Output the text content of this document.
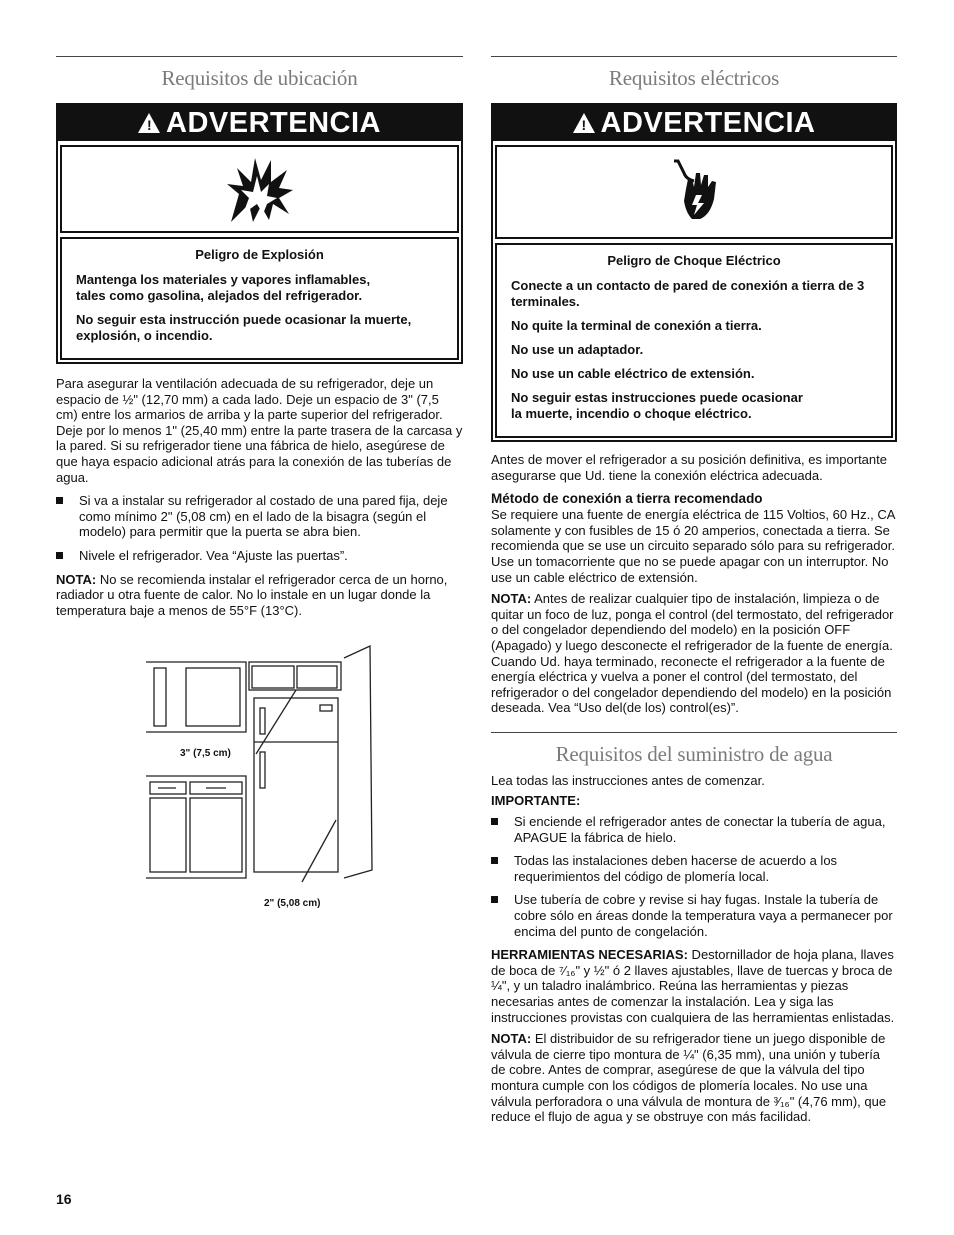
Requisitos de ubicación
! ADVERTENCIA
Peligro de Explosión

Mantenga los materiales y vapores inflamables, tales como gasolina, alejados del refrigerador.

No seguir esta instrucción puede ocasionar la muerte, explosión, o incendio.

Para asegurar la ventilación adecuada de su refrigerador, deje un espacio de ½" (12,70 mm) a cada lado. Deje un espacio de 3" (7,5 cm) entre los armarios de arriba y la parte superior del refrigerador. Deje por lo menos 1" (25,40 mm) entre la parte trasera de la carcasa y la pared. Si su refrigerador tiene una fábrica de hielo, asegúrese de que haya espacio adicional atrás para la conexión de las tuberías de agua.

Si va a instalar su refrigerador al costado de una pared fija, deje como mínimo 2" (5,08 cm) en el lado de la bisagra (según el modelo) para permitir que la puerta se abra bien.
Nivele el refrigerador. Vea “Ajuste las puertas”.

NOTA: No se recomienda instalar el refrigerador cerca de un horno, radiador u otra fuente de calor. No lo instale en un lugar donde la temperatura baje a menos de 55°F (13°C).

3" (7,5 cm)
2" (5,08 cm)
Requisitos eléctricos
! ADVERTENCIA
Peligro de Choque Eléctrico

Conecte a un contacto de pared de conexión a tierra de 3 terminales.

No quite la terminal de conexión a tierra.

No use un adaptador.

No use un cable eléctrico de extensión.

No seguir estas instrucciones puede ocasionar la muerte, incendio o choque eléctrico.

Antes de mover el refrigerador a su posición definitiva, es importante asegurarse que Ud. tiene la conexión eléctrica adecuada.

Método de conexión a tierra recomendado

Se requiere una fuente de energía eléctrica de 115 Voltios, 60 Hz., CA solamente y con fusibles de 15 ó 20 amperios, conectada a tierra. Se recomienda que se use un circuito separado sólo para su refrigerador. Use un tomacorriente que no se puede apagar con un interruptor. No use un cable eléctrico de extensión.

NOTA: Antes de realizar cualquier tipo de instalación, limpieza o de quitar un foco de luz, ponga el control (del termostato, del refrigerador o del congelador dependiendo del modelo) en la posición OFF (Apagado) y luego desconecte el refrigerador de la fuente de energía. Cuando Ud. haya terminado, reconecte el refrigerador a la fuente de energía eléctrica y vuelva a poner el control (del termostato, del refrigerador o del congelador dependiendo del modelo) en la posición deseada. Vea “Uso del(de los) control(es)”.

Requisitos del suministro de agua

Lea todas las instrucciones antes de comenzar.

IMPORTANTE:

Si enciende el refrigerador antes de conectar la tubería de agua, APAGUE la fábrica de hielo.
Todas las instalaciones deben hacerse de acuerdo a los requerimientos del código de plomería local.
Use tubería de cobre y revise si hay fugas. Instale la tubería de cobre sólo en áreas donde la temperatura vaya a permanecer por encima del punto de congelación.

HERRAMIENTAS NECESARIAS: Destornillador de hoja plana, llaves de boca de ⁷⁄₁₆" y ½" ó 2 llaves ajustables, llave de tuercas y broca de ¼", y un taladro inalámbrico. Reúna las herramientas y piezas necesarias antes de comenzar la instalación. Lea y siga las instrucciones provistas con cualquiera de las herramientas enlistadas.

NOTA: El distribuidor de su refrigerador tiene un juego disponible de válvula de cierre tipo montura de ¼" (6,35 mm), una unión y tubería de cobre. Antes de comprar, asegúrese de que la válvula del tipo montura cumple con los códigos de plomería locales. No use una válvula perforadora o una válvula de montura de ³⁄₁₆" (4,76 mm), que reduce el flujo de agua y se obstruye con más facilidad.

16
